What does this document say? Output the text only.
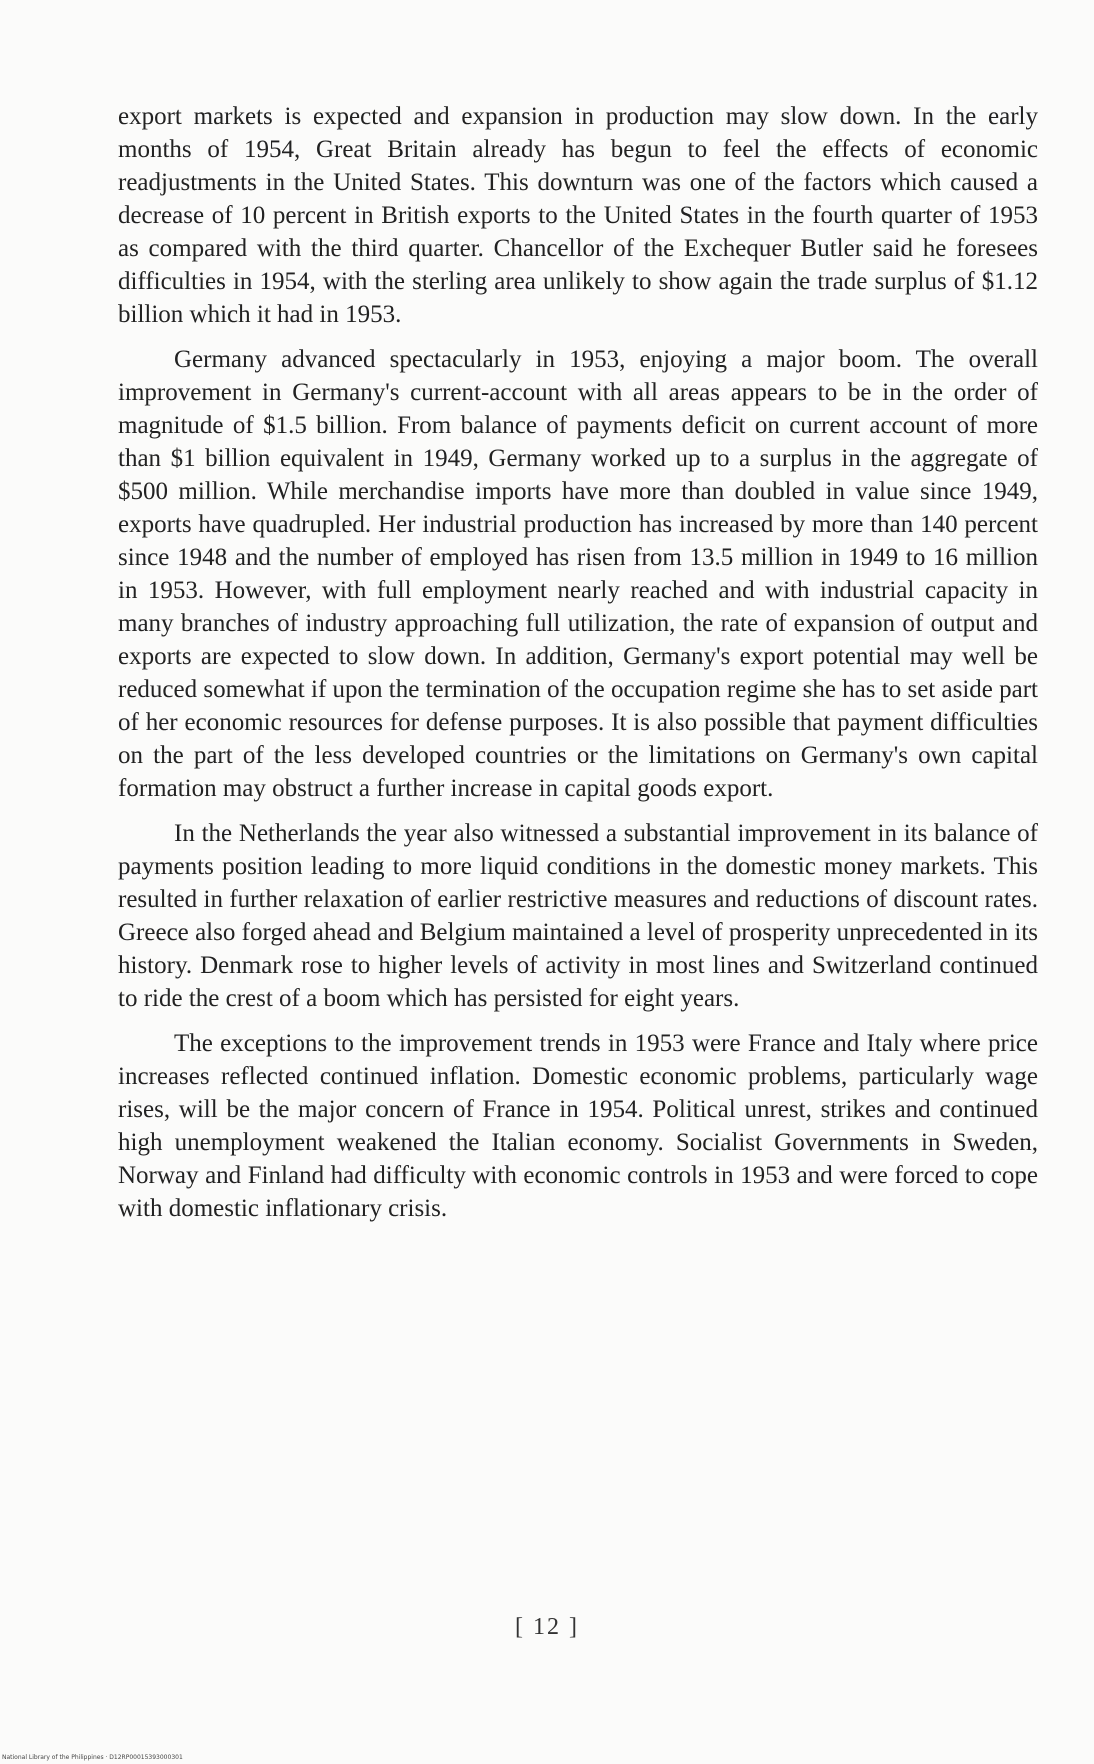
export markets is expected and expansion in production may slow down. In the early months of 1954, Great Britain already has begun to feel the effects of economic readjustments in the United States. This downturn was one of the factors which caused a decrease of 10 percent in British exports to the United States in the fourth quarter of 1953 as compared with the third quarter. Chancellor of the Exchequer Butler said he foresees difficulties in 1954, with the sterling area unlikely to show again the trade surplus of $1.12 billion which it had in 1953.

Germany advanced spectacularly in 1953, enjoying a major boom. The overall improvement in Germany's current-account with all areas appears to be in the order of magnitude of $1.5 billion. From balance of payments deficit on current account of more than $1 billion equivalent in 1949, Germany worked up to a surplus in the aggregate of $500 million. While merchandise imports have more than doubled in value since 1949, exports have quadrupled. Her industrial production has increased by more than 140 percent since 1948 and the number of employed has risen from 13.5 million in 1949 to 16 million in 1953. However, with full employment nearly reached and with industrial capacity in many branches of industry approaching full utilization, the rate of expansion of output and exports are expected to slow down. In addition, Germany's export potential may well be reduced somewhat if upon the termination of the occupation regime she has to set aside part of her economic resources for defense purposes. It is also possible that payment difficulties on the part of the less developed countries or the limitations on Germany's own capital formation may obstruct a further increase in capital goods export.

In the Netherlands the year also witnessed a substantial improvement in its balance of payments position leading to more liquid conditions in the domestic money markets. This resulted in further relaxation of earlier restrictive measures and reductions of discount rates. Greece also forged ahead and Belgium maintained a level of prosperity unprecedented in its history. Denmark rose to higher levels of activity in most lines and Switzerland continued to ride the crest of a boom which has persisted for eight years.

The exceptions to the improvement trends in 1953 were France and Italy where price increases reflected continued inflation. Domestic economic problems, particularly wage rises, will be the major concern of France in 1954. Political unrest, strikes and continued high unemployment weakened the Italian economy. Socialist Governments in Sweden, Norway and Finland had difficulty with economic controls in 1953 and were forced to cope with domestic inflationary crisis.

[ 12 ]
National Library of the Philippines · D12RP00015393000301
